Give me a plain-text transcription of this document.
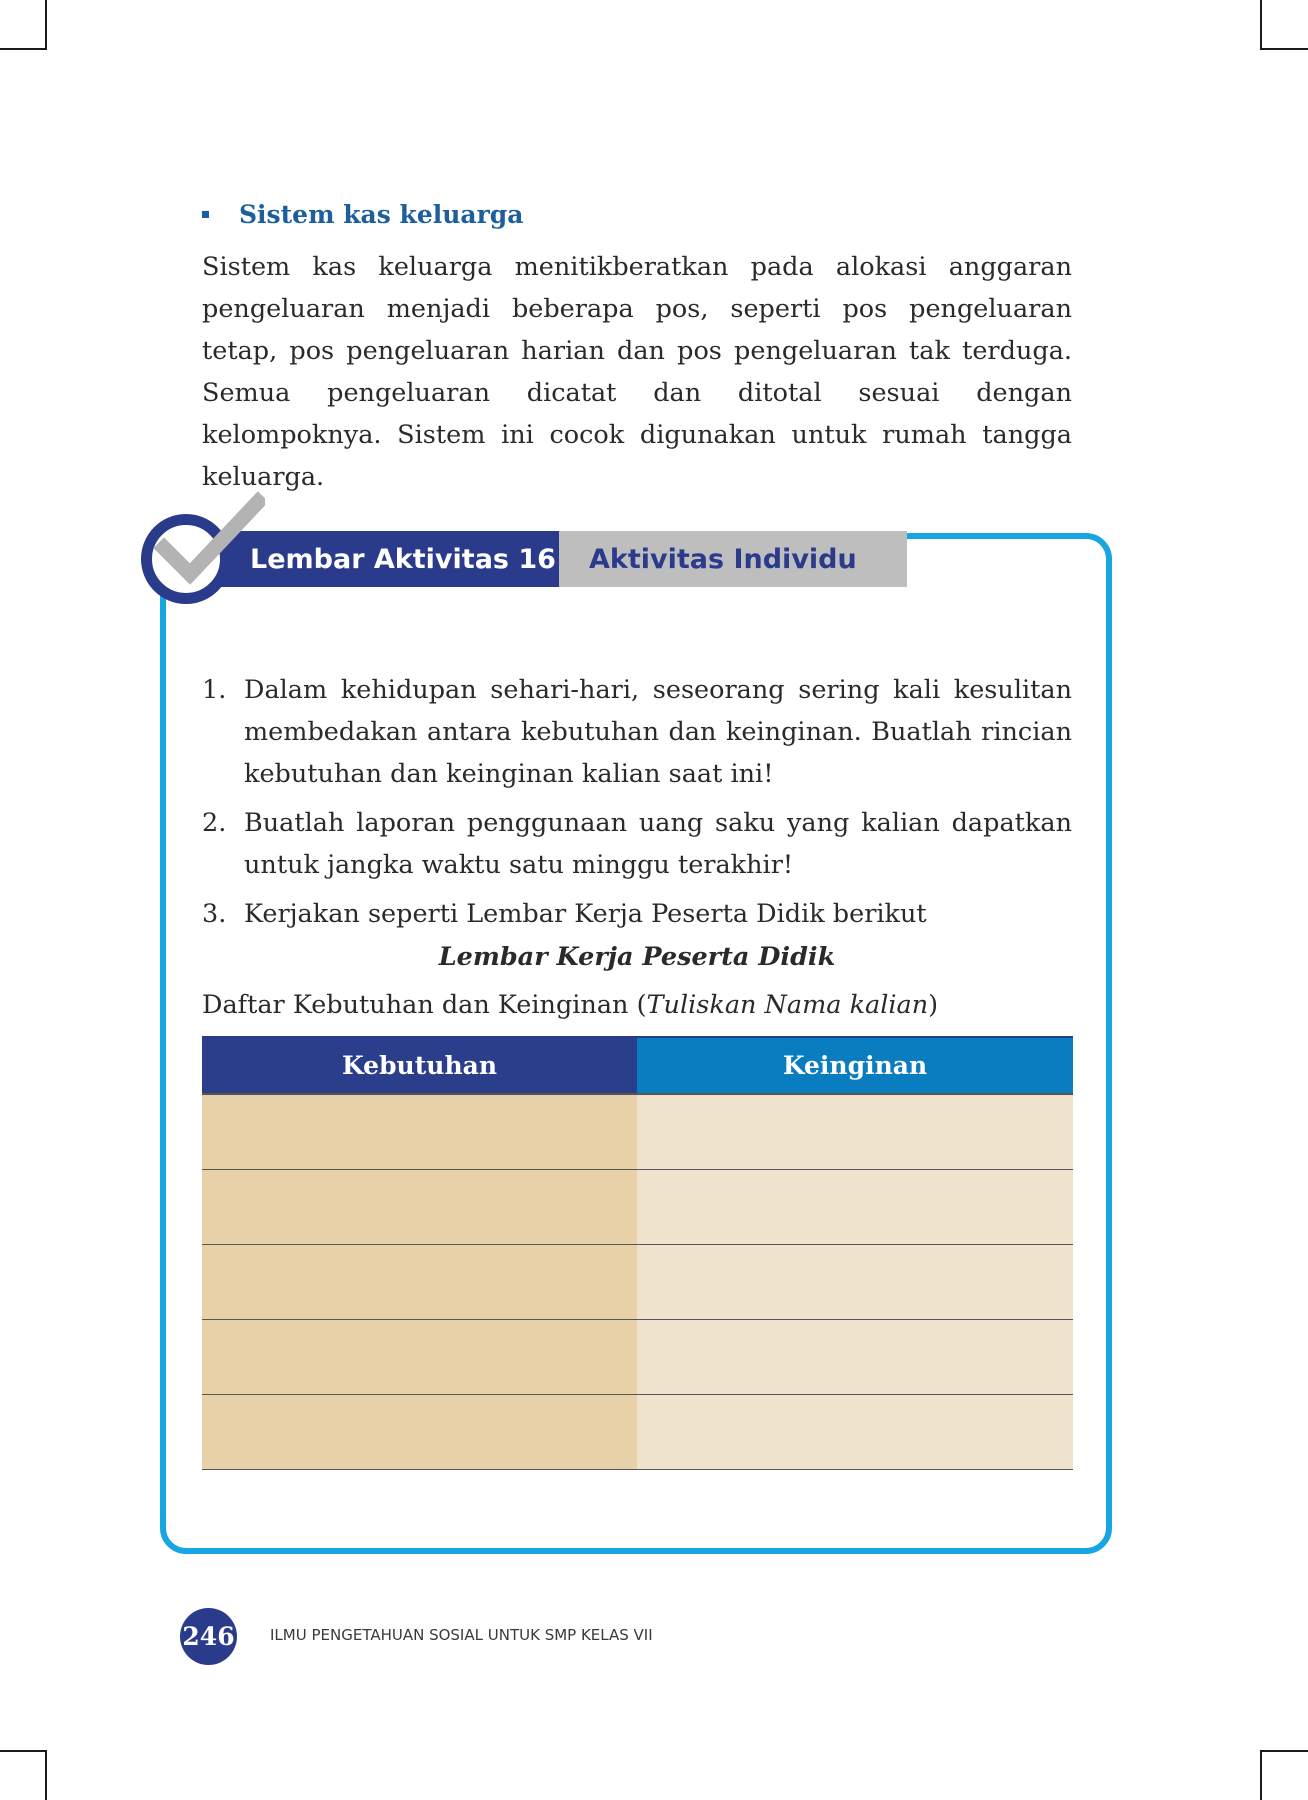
Sistem kas keluarga

Sistem kas keluarga menitikberatkan pada alokasi anggaran pengeluaran menjadi beberapa pos, seperti pos pengeluaran tetap, pos pengeluaran harian dan pos pengeluaran tak terduga. Semua pengeluaran dicatat dan ditotal sesuai dengan kelompoknya. Sistem ini cocok digunakan untuk rumah tangga keluarga.

Lembar Aktivitas 16 Aktivitas Individu
1. Dalam kehidupan sehari-hari, seseorang sering kali kesulitan membedakan antara kebutuhan dan keinginan. Buatlah rincian kebutuhan dan keinginan kalian saat ini!
2. Buatlah laporan penggunaan uang saku yang kalian dapatkan untuk jangka waktu satu minggu terakhir!
3. Kerjakan seperti Lembar Kerja Peserta Didik berikut
Lembar Kerja Peserta Didik
Daftar Kebutuhan dan Keinginan (Tuliskan Nama kalian)
Kebutuhan	Keinginan

246 ILMU PENGETAHUAN SOSIAL UNTUK SMP KELAS VII
